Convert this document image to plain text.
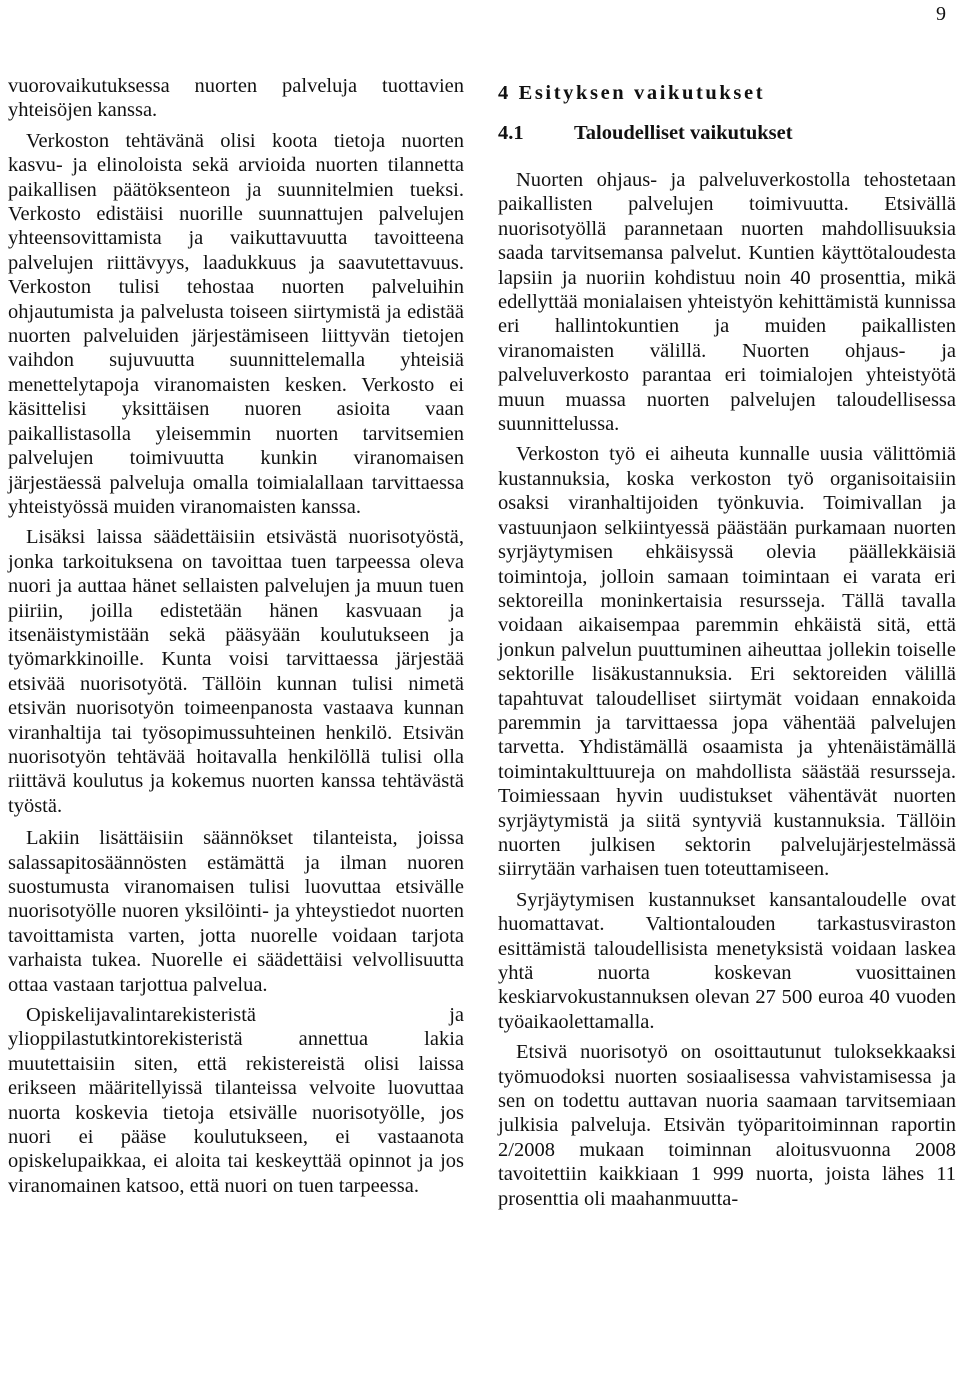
9

vuorovaikutuksessa nuorten palveluja tuottavien yhteisöjen kanssa.

Verkoston tehtävänä olisi koota tietoja nuorten kasvu- ja elinoloista sekä arvioida nuorten tilannetta paikallisen päätöksenteon ja suunnitelmien tueksi. Verkosto edistäisi nuorille suunnattujen palvelujen yhteensovittamista ja vaikuttavuutta tavoitteena palvelujen riittävyys, laadukkuus ja saavutettavuus. Verkoston tulisi tehostaa nuorten palveluihin ohjautumista ja palvelusta toiseen siirtymistä ja edistää nuorten palveluiden järjestämiseen liittyvän tietojen vaihdon sujuvuutta suunnittelemalla yhteisiä menettelytapoja viranomaisten kesken. Verkosto ei käsittelisi yksittäisen nuoren asioita vaan paikallistasolla yleisemmin nuorten tarvitsemien palvelujen toimivuutta kunkin viranomaisen järjestäessä palveluja omalla toimialallaan tarvittaessa yhteistyössä muiden viranomaisten kanssa.

Lisäksi laissa säädettäisiin etsivästä nuorisotyöstä, jonka tarkoituksena on tavoittaa tuen tarpeessa oleva nuori ja auttaa hänet sellaisten palvelujen ja muun tuen piiriin, joilla edistetään hänen kasvuaan ja itsenäistymistään sekä pääsyään koulutukseen ja työmarkkinoille. Kunta voisi tarvittaessa järjestää etsivää nuorisotyötä. Tällöin kunnan tulisi nimetä etsivän nuorisotyön toimeenpanosta vastaava kunnan viranhaltija tai työsopimussuhteinen henkilö. Etsivän nuorisotyön tehtävää hoitavalla henkilöllä tulisi olla riittävä koulutus ja kokemus nuorten kanssa tehtävästä työstä.

Lakiin lisättäisiin säännökset tilanteista, joissa salassapitosäännösten estämättä ja ilman nuoren suostumusta viranomaisen tulisi luovuttaa etsivälle nuorisotyölle nuoren yksilöinti- ja yhteystiedot nuorten tavoittamista varten, jotta nuorelle voidaan tarjota varhaista tukea. Nuorelle ei säädettäisi velvollisuutta ottaa vastaan tarjottua palvelua.

Opiskelijavalintarekisteristä ja ylioppilastutkintorekisteristä annettua lakia muutettaisiin siten, että rekistereistä olisi laissa erikseen määritellyissä tilanteissa velvoite luovuttaa nuorta koskevia tietoja etsivälle nuorisotyölle, jos nuori ei pääse koulutukseen, ei vastaanota opiskelupaikkaa, ei aloita tai keskeyttää opinnot ja jos viranomainen katsoo, että nuori on tuen tarpeessa.

4 Esityksen vaikutukset
4.1 Taloudelliset vaikutukset

Nuorten ohjaus- ja palveluverkostolla tehostetaan paikallisten palvelujen toimivuutta. Etsivällä nuorisotyöllä parannetaan nuorten mahdollisuuksia saada tarvitsemansa palvelut. Kuntien käyttötaloudesta lapsiin ja nuoriin kohdistuu noin 40 prosenttia, mikä edellyttää monialaisen yhteistyön kehittämistä kunnissa eri hallintokuntien ja muiden paikallisten viranomaisten välillä. Nuorten ohjaus- ja palveluverkosto parantaa eri toimialojen yhteistyötä muun muassa nuorten palvelujen taloudellisessa suunnittelussa.

Verkoston työ ei aiheuta kunnalle uusia välittömiä kustannuksia, koska verkoston työ organisoitaisiin osaksi viranhaltijoiden työnkuvia. Toimivallan ja vastuunjaon selkiintyessä päästään purkamaan nuorten syrjäytymisen ehkäisyssä olevia päällekkäisiä toimintoja, jolloin samaan toimintaan ei varata eri sektoreilla moninkertaisia resursseja. Tällä tavalla voidaan aikaisempaa paremmin ehkäistä sitä, että jonkun palvelun puuttuminen aiheuttaa jollekin toiselle sektorille lisäkustannuksia. Eri sektoreiden välillä tapahtuvat taloudelliset siirtymät voidaan ennakoida paremmin ja tarvittaessa jopa vähentää palvelujen tarvetta. Yhdistämällä osaamista ja yhtenäistämällä toimintakulttuureja on mahdollista säästää resursseja. Toimiessaan hyvin uudistukset vähentävät nuorten syrjäytymistä ja siitä syntyviä kustannuksia. Tällöin nuorten julkisen sektorin palvelujärjestelmässä siirrytään varhaisen tuen toteuttamiseen.

Syrjäytymisen kustannukset kansantaloudelle ovat huomattavat. Valtiontalouden tarkastusviraston esittämistä taloudellisista menetyksistä voidaan laskea yhtä nuorta koskevan vuosittainen keskiarvokustannuksen olevan 27 500 euroa 40 vuoden työaikaolettamalla.

Etsivä nuorisotyö on osoittautunut tuloksekkaaksi työmuodoksi nuorten sosiaalisessa vahvistamisessa ja sen on todettu auttavan nuoria saamaan tarvitsemiaan julkisia palveluja. Etsivän työparitoiminnan raportin 2/2008 mukaan toiminnan aloitusvuonna 2008 tavoitettiin kaikkiaan 1 999 nuorta, joista lähes 11 prosenttia oli maahanmuutta-
